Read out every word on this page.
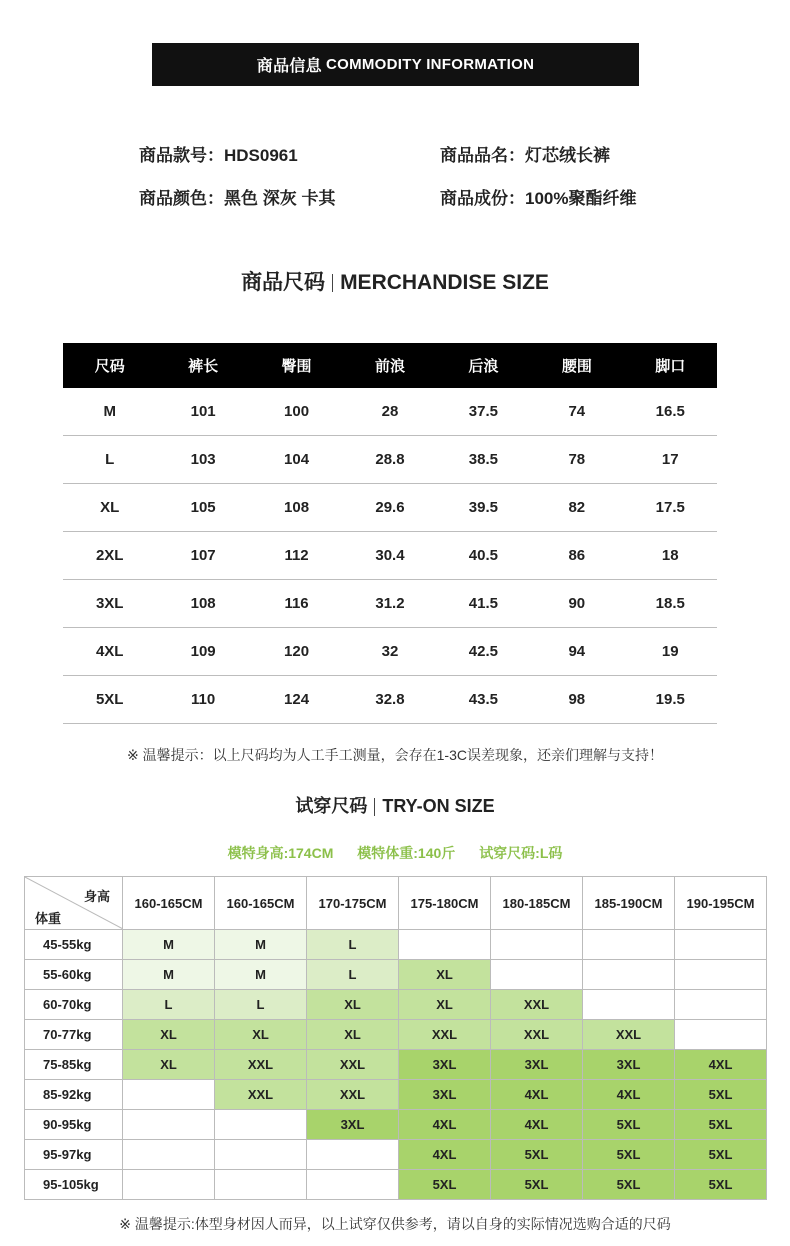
商品信息 COMMODITY INFORMATION
商品款号：HDS0961	商品品名：灯芯绒长裤
商品颜色：黑色 深灰 卡其	商品成份：100%聚酯纤维
商品尺码 MERCHANDISE SIZE
尺码	裤长	臀围	前浪	后浪	腰围	脚口
M	101	100	28	37.5	74	16.5
L	103	104	28.8	38.5	78	17
XL	105	108	29.6	39.5	82	17.5
2XL	107	112	30.4	40.5	86	18
3XL	108	116	31.2	41.5	90	18.5
4XL	109	120	32	42.5	94	19
5XL	110	124	32.8	43.5	98	19.5
※ 温馨提示：以上尺码均为人工手工测量，会存在1-3C误差现象，还亲们理解与支持！
试穿尺码 TRY-ON SIZE
模特身高:174CM 模特体重:140斤 试穿尺码:L码
身高
体重	160-165CM	160-165CM	170-175CM	175-180CM	180-185CM	185-190CM	190-195CM
45-55kg	M	M	L				
55-60kg	M	M	L	XL			
60-70kg	L	L	XL	XL	XXL		
70-77kg	XL	XL	XL	XXL	XXL	XXL	
75-85kg	XL	XXL	XXL	3XL	3XL	3XL	4XL
85-92kg		XXL	XXL	3XL	4XL	4XL	5XL
90-95kg			3XL	4XL	4XL	5XL	5XL
95-97kg				4XL	5XL	5XL	5XL
95-105kg				5XL	5XL	5XL	5XL
※ 温馨提示:体型身材因人而异，以上试穿仅供参考，请以自身的实际情况选购合适的尺码
